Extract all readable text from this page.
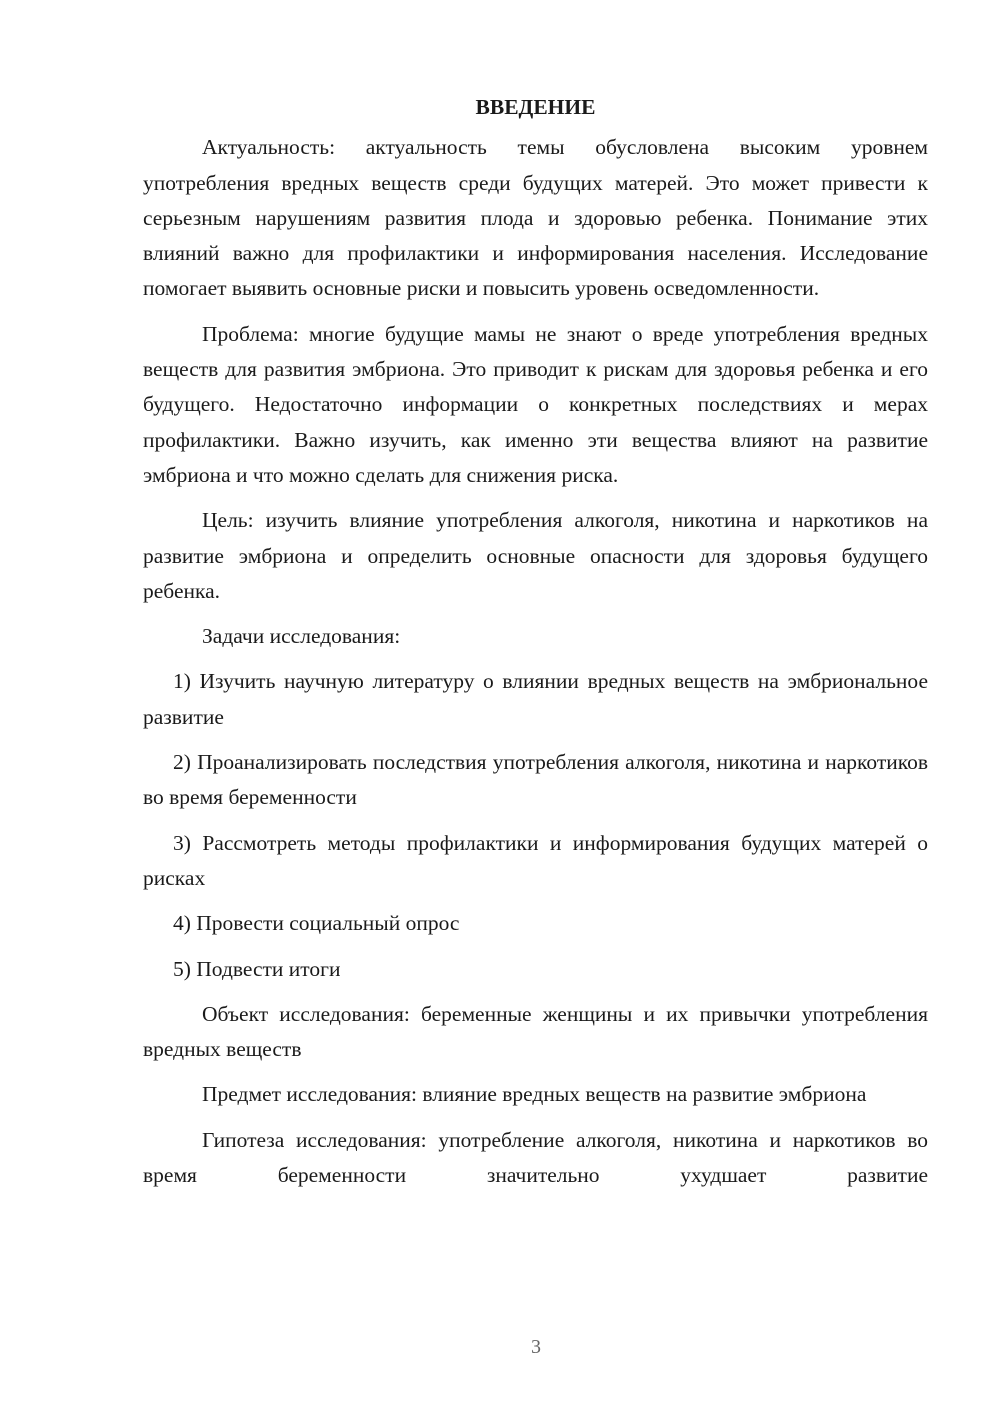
ВВЕДЕНИЕ

Актуальность: актуальность темы обусловлена высоким уровнем употребления вредных веществ среди будущих матерей. Это может привести к серьезным нарушениям развития плода и здоровью ребенка. Понимание этих влияний важно для профилактики и информирования населения. Исследование помогает выявить основные риски и повысить уровень осведомленности.

Проблема: многие будущие мамы не знают о вреде употребления вредных веществ для развития эмбриона. Это приводит к рискам для здоровья ребенка и его будущего. Недостаточно информации о конкретных последствиях и мерах профилактики. Важно изучить, как именно эти вещества влияют на развитие эмбриона и что можно сделать для снижения риска.

Цель: изучить влияние употребления алкоголя, никотина и наркотиков на развитие эмбриона и определить основные опасности для здоровья будущего ребенка.

Задачи исследования:

1) Изучить научную литературу о влиянии вредных веществ на эмбриональное развитие

2) Проанализировать последствия употребления алкоголя, никотина и наркотиков во время беременности

3) Рассмотреть методы профилактики и информирования будущих матерей о рисках

4) Провести социальный опрос

5) Подвести итоги

Объект исследования: беременные женщины и их привычки употребления вредных веществ

Предмет исследования: влияние вредных веществ на развитие эмбриона

Гипотеза исследования: употребление алкоголя, никотина и наркотиков во время беременности значительно ухудшает развитие

3
